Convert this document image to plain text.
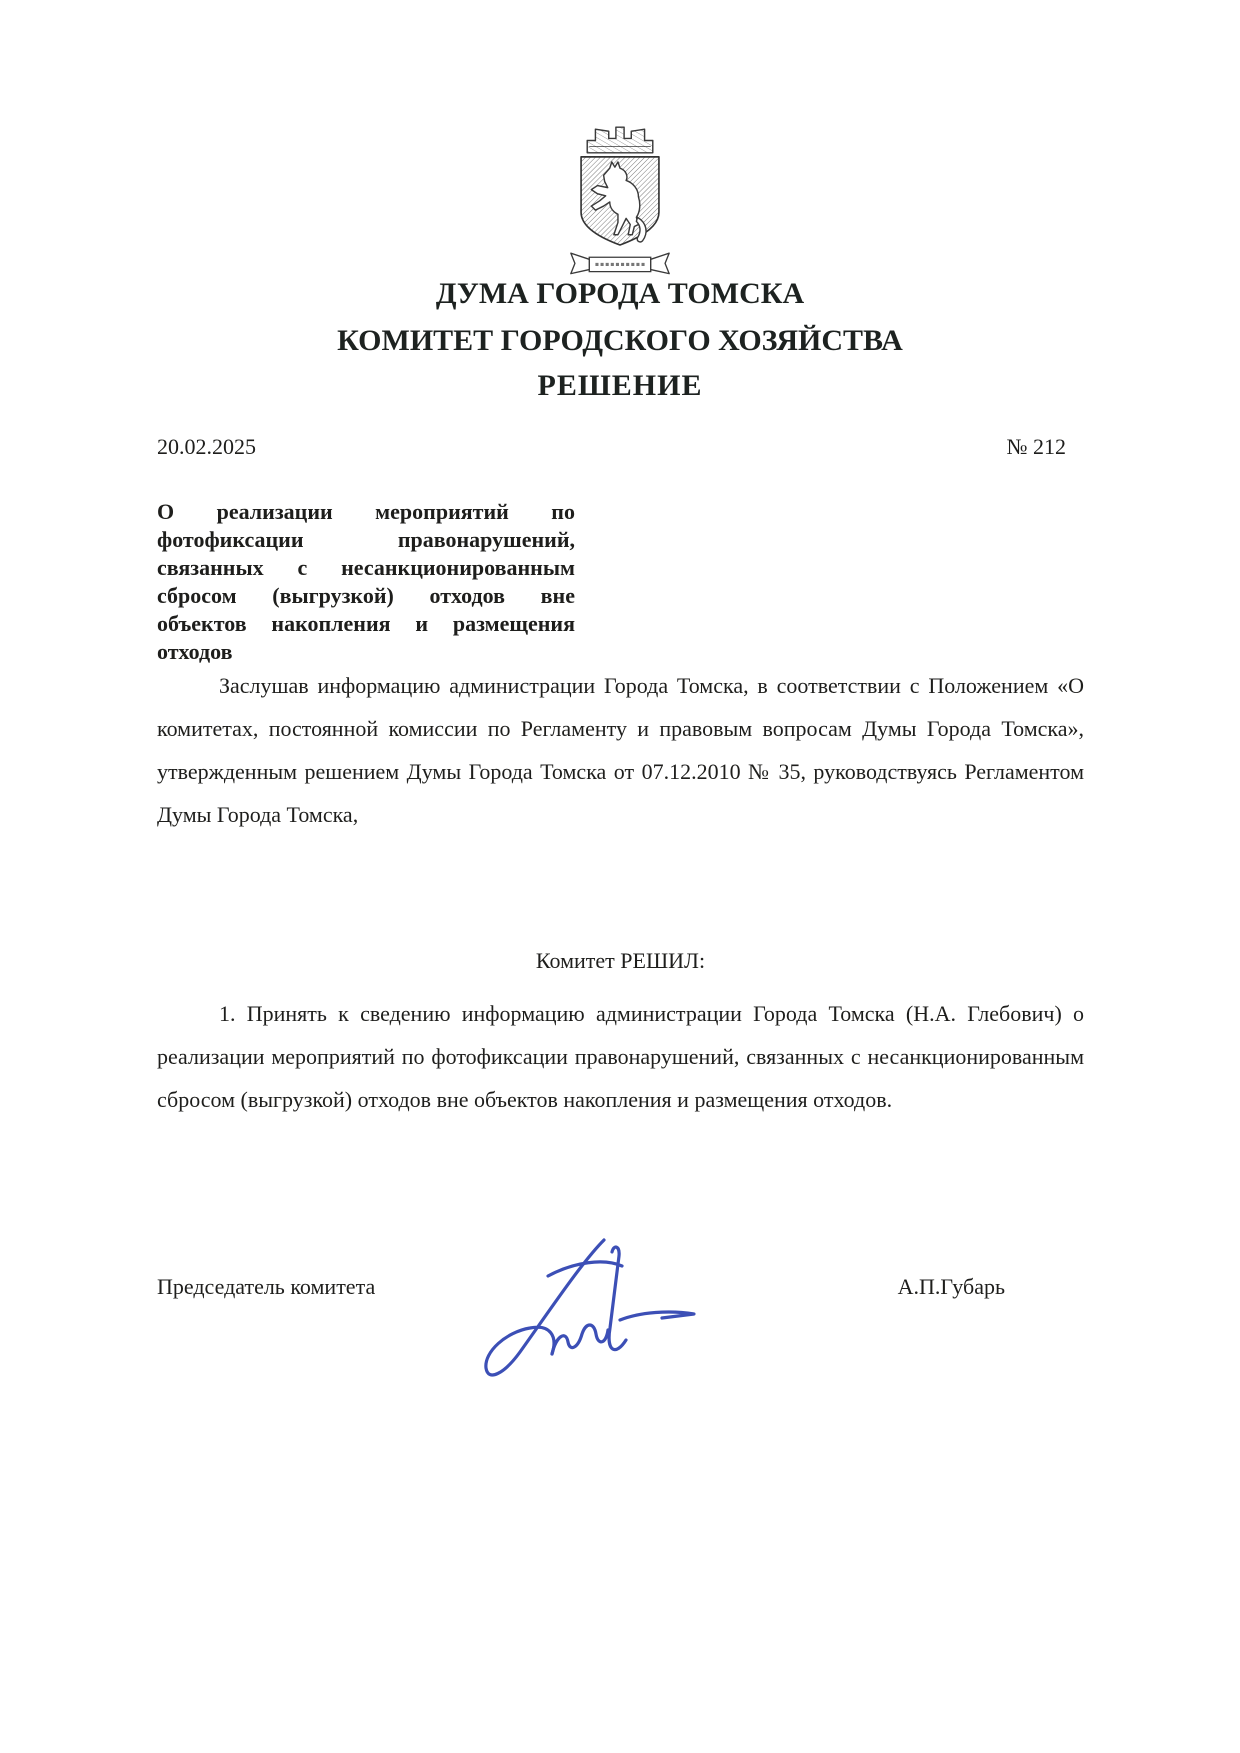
ДУМА ГОРОДА ТОМСКА
КОМИТЕТ ГОРОДСКОГО ХОЗЯЙСТВА
РЕШЕНИЕ
20.02.2025	№ 212
О реализации мероприятий по фотофиксации правонарушений, связанных с несанкционированным сбросом (выгрузкой) отходов вне объектов накопления и размещения отходов
Заслушав информацию администрации Города Томска, в соответствии с Положением «О комитетах, постоянной комиссии по Регламенту и правовым вопросам Думы Города Томска», утвержденным решением Думы Города Томска от 07.12.2010 № 35, руководствуясь Регламентом Думы Города Томска,
Комитет РЕШИЛ:
1. Принять к сведению информацию администрации Города Томска (Н.А. Глебович) о реализации мероприятий по фотофиксации правонарушений, связанных с несанкционированным сбросом (выгрузкой) отходов вне объектов накопления и размещения отходов.
Председатель комитета	А.П.Губарь
